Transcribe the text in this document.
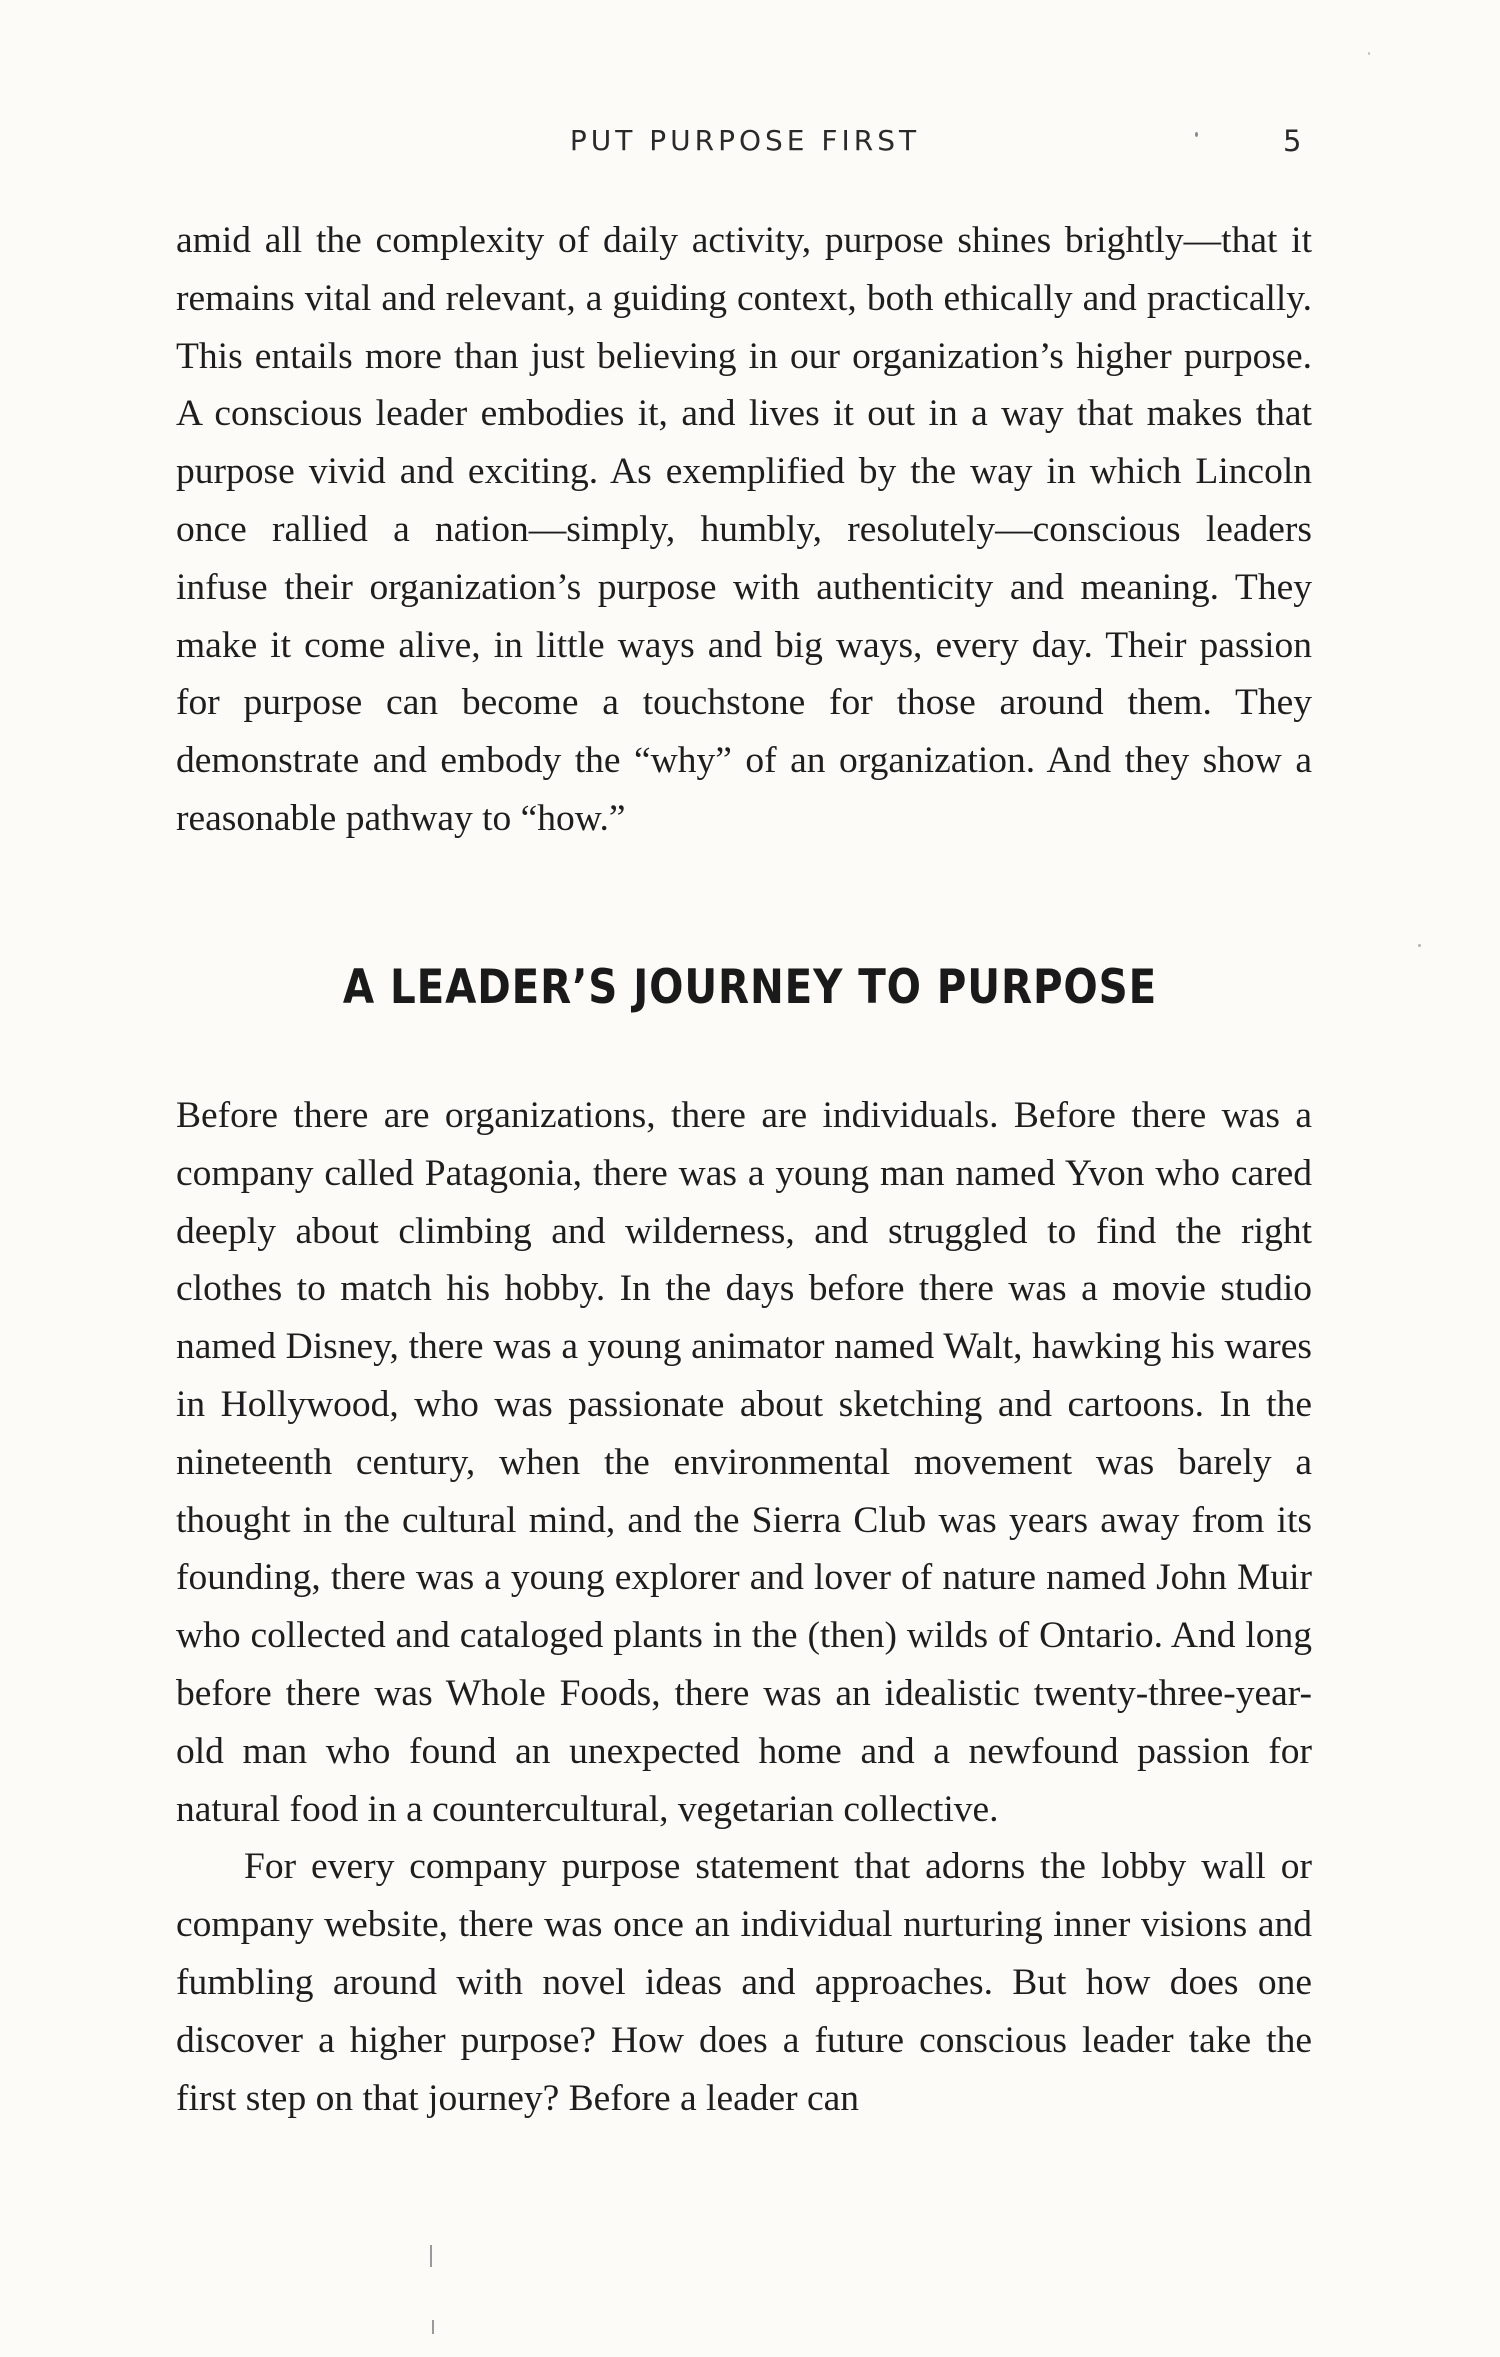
PUT PURPOSE FIRST	5

amid all the complexity of daily activity, purpose shines brightly—that it remains vital and relevant, a guiding context, both ethically and practically. This entails more than just believing in our organization’s higher purpose. A conscious leader embodies it, and lives it out in a way that makes that purpose vivid and exciting. As exemplified by the way in which Lincoln once rallied a nation—simply, humbly, resolutely—conscious leaders infuse their organization’s purpose with authenticity and meaning. They make it come alive, in little ways and big ways, every day. Their passion for purpose can become a touchstone for those around them. They demonstrate and embody the “why” of an organization. And they show a reasonable pathway to “how.”

A LEADER’S JOURNEY TO PURPOSE

Before there are organizations, there are individuals. Before there was a company called Patagonia, there was a young man named Yvon who cared deeply about climbing and wilderness, and struggled to find the right clothes to match his hobby. In the days before there was a movie studio named Disney, there was a young animator named Walt, hawking his wares in Hollywood, who was passionate about sketching and cartoons. In the nineteenth century, when the environmental movement was barely a thought in the cultural mind, and the Sierra Club was years away from its founding, there was a young explorer and lover of nature named John Muir who collected and cataloged plants in the (then) wilds of Ontario. And long before there was Whole Foods, there was an idealistic twenty-three-year-old man who found an unexpected home and a newfound passion for natural food in a countercultural, vegetarian collective.

For every company purpose statement that adorns the lobby wall or company website, there was once an individual nurturing inner visions and fumbling around with novel ideas and approaches. But how does one discover a higher purpose? How does a future conscious leader take the first step on that journey? Before a leader can
